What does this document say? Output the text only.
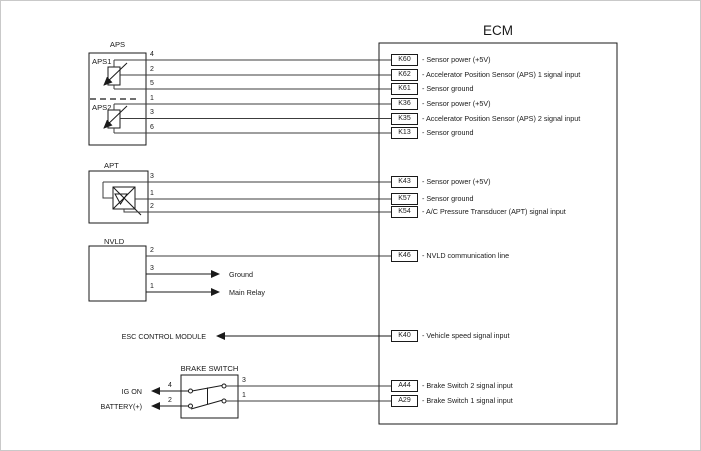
ECM
K60	- Sensor power (+5V)
K62	- Accelerator Position Sensor (APS) 1 signal input
K61	- Sensor ground
K36	- Sensor power (+5V)
K35	- Accelerator Position Sensor (APS) 2 signal input
K13	- Sensor ground
K43	- Sensor power (+5V)
K57	- Sensor ground
K54	- A/C Pressure Transducer (APT) signal input
K46	- NVLD communication line
K40	- Vehicle speed signal input
A44	- Brake Switch 2 signal input
A29	- Brake Switch 1 signal input
APS
APS1
APS2
4
2
5
1
3
6
APT
3
1
2
NVLD
2
3
1
Ground
Main Relay
ESC CONTROL MODULE
BRAKE SWITCH
3
1
4
2
IG ON
BATTERY(+)
